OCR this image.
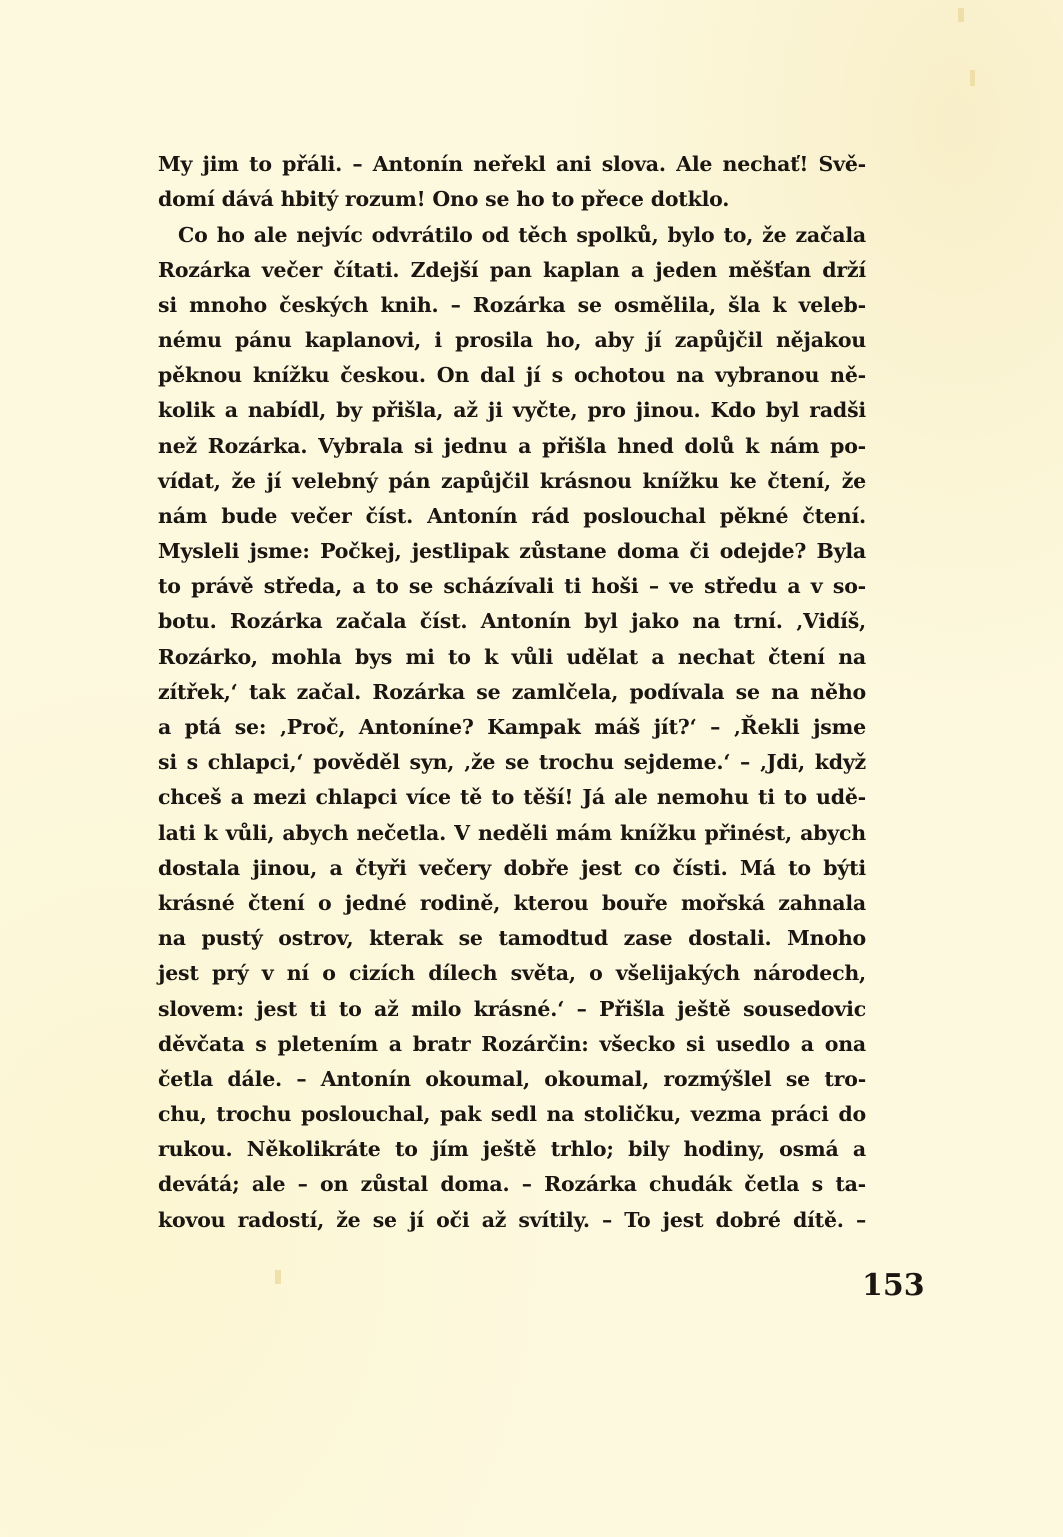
My jim to přáli. – Antonín neřekl ani slova. Ale nechať! Svě-
domí dává hbitý rozum! Ono se ho to přece dotklo.
Co ho ale nejvíc odvrátilo od těch spolků, bylo to, že začala
Rozárka večer čítati. Zdejší pan kaplan a jeden měšťan drží
si mnoho českých knih. – Rozárka se osmělila, šla k veleb-
nému pánu kaplanovi, i prosila ho, aby jí zapůjčil nějakou
pěknou knížku českou. On dal jí s ochotou na vybranou ně-
kolik a nabídl, by přišla, až ji vyčte, pro jinou. Kdo byl radši
než Rozárka. Vybrala si jednu a přišla hned dolů k nám po-
vídat, že jí velebný pán zapůjčil krásnou knížku ke čtení, že
nám bude večer číst. Antonín rád poslouchal pěkné čtení.
Mysleli jsme: Počkej, jestlipak zůstane doma či odejde? Byla
to právě středa, a to se scházívali ti hoši – ve středu a v so-
botu. Rozárka začala číst. Antonín byl jako na trní. ‚Vidíš,
Rozárko, mohla bys mi to k vůli udělat a nechat čtení na
zítřek,‘ tak začal. Rozárka se zamlčela, podívala se na něho
a ptá se: ‚Proč, Antoníne? Kampak máš jít?‘ – ‚Řekli jsme
si s chlapci,‘ pověděl syn, ‚že se trochu sejdeme.‘ – ‚Jdi, když
chceš a mezi chlapci více tě to těší! Já ale nemohu ti to udě-
lati k vůli, abych nečetla. V neděli mám knížku přinést, abych
dostala jinou, a čtyři večery dobře jest co čísti. Má to býti
krásné čtení o jedné rodině, kterou bouře mořská zahnala
na pustý ostrov, kterak se tamodtud zase dostali. Mnoho
jest prý v ní o cizích dílech světa, o všelijakých národech,
slovem: jest ti to až milo krásné.‘ – Přišla ještě sousedovic
děvčata s pletením a bratr Rozárčin: všecko si usedlo a ona
četla dále. – Antonín okoumal, okoumal, rozmýšlel se tro-
chu, trochu poslouchal, pak sedl na stoličku, vezma práci do
rukou. Několikráte to jím ještě trhlo; bily hodiny, osmá a
devátá; ale – on zůstal doma. – Rozárka chudák četla s ta-
kovou radostí, že se jí oči až svítily. – To jest dobré dítě. –
153
